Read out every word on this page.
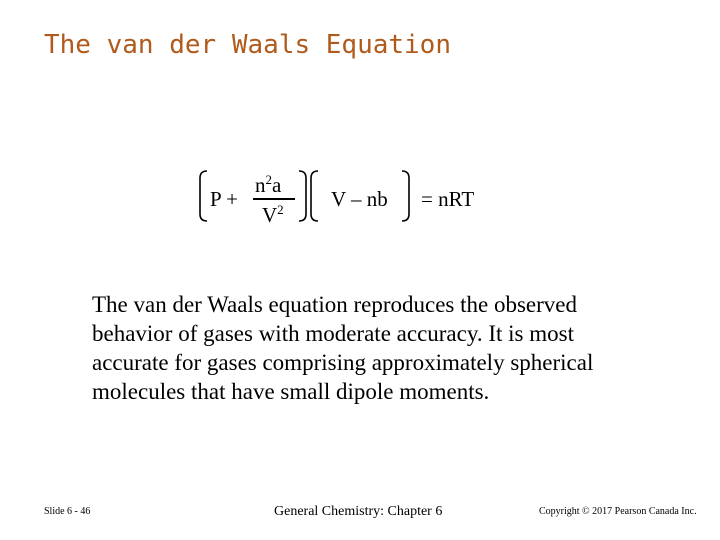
The van der Waals Equation
P +
$n^2a$
$V^2$ V – nb = nRT

The van der Waals equation reproduces the observed behavior of gases with moderate accuracy. It is most accurate for gases comprising approximately spherical molecules that have small dipole moments.

Slide 6 - 46	General Chemistry: Chapter 6	Copyright © 2017 Pearson Canada Inc.
